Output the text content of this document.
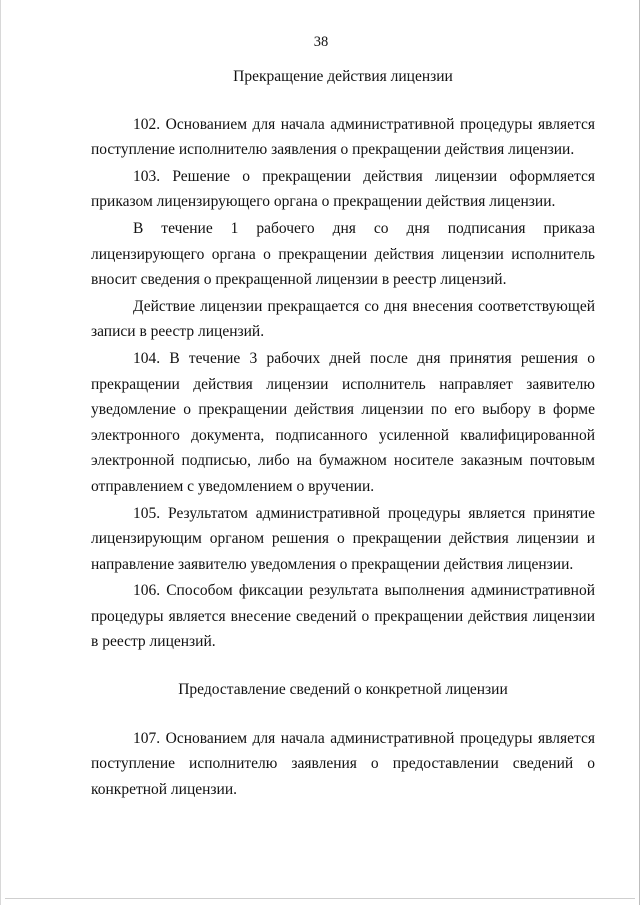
38
Прекращение действия лицензии

102. Основанием для начала административной процедуры является поступление исполнителю заявления о прекращении действия лицензии.

103. Решение о прекращении действия лицензии оформляется приказом лицензирующего органа о прекращении действия лицензии.

В течение 1 рабочего дня со дня подписания приказа лицензирующего органа о прекращении действия лицензии исполнитель вносит сведения о прекращенной лицензии в реестр лицензий.

Действие лицензии прекращается со дня внесения соответствующей записи в реестр лицензий.

104. В течение 3 рабочих дней после дня принятия решения о прекращении действия лицензии исполнитель направляет заявителю уведомление о прекращении действия лицензии по его выбору в форме электронного документа, подписанного усиленной квалифицированной электронной подписью, либо на бумажном носителе заказным почтовым отправлением с уведомлением о вручении.

105. Результатом административной процедуры является принятие лицензирующим органом решения о прекращении действия лицензии и направление заявителю уведомления о прекращении действия лицензии.

106. Способом фиксации результата выполнения административной процедуры является внесение сведений о прекращении действия лицензии в реестр лицензий.

Предоставление сведений о конкретной лицензии

107. Основанием для начала административной процедуры является поступление исполнителю заявления о предоставлении сведений о конкретной лицензии.
